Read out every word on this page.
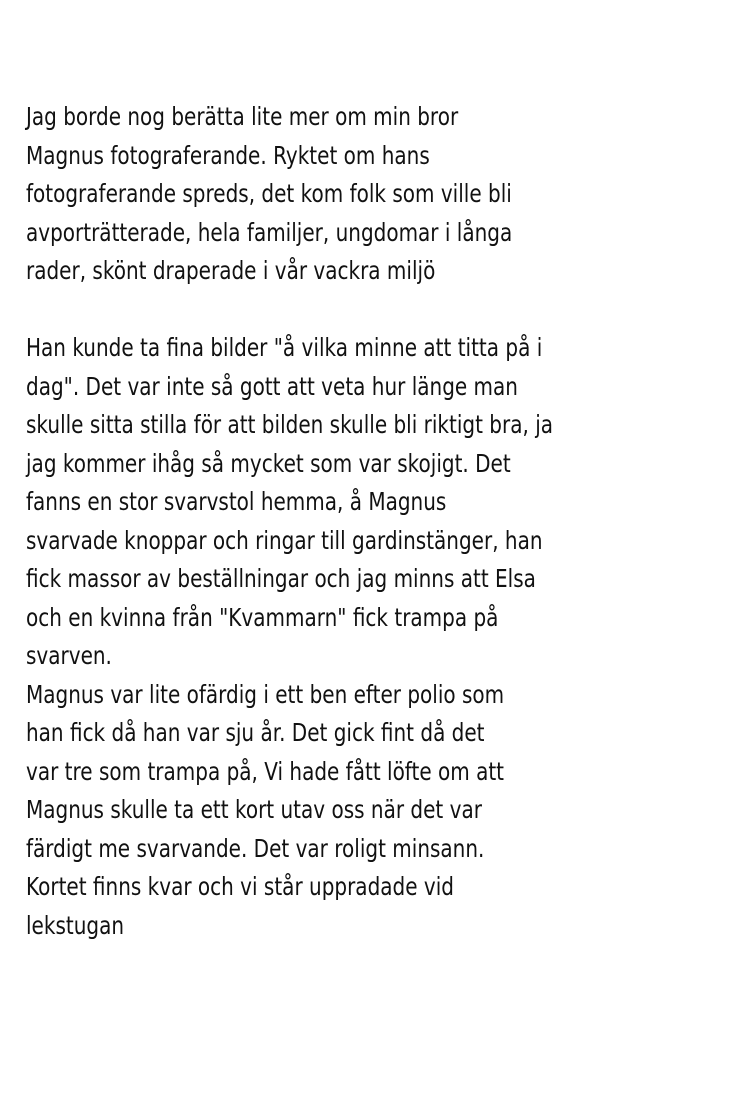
Jag borde nog berätta lite mer om min bror
Magnus fotograferande. Ryktet om hans
fotograferande spreds, det kom folk som ville bli
avporträtterade, hela familjer, ungdomar i långa
rader, skönt draperade i vår vackra miljö
Han kunde ta fina bilder "å vilka minne att titta på i
dag". Det var inte så gott att veta hur länge man
skulle sitta stilla för att bilden skulle bli riktigt bra, ja
jag kommer ihåg så mycket som var skojigt. Det
fanns en stor svarvstol hemma, å Magnus
svarvade knoppar och ringar till gardinstänger, han
fick massor av beställningar och jag minns att Elsa
och en kvinna från "Kvammarn" fick trampa på
svarven.
Magnus var lite ofärdig i ett ben efter polio som
han fick då han var sju år. Det gick fint då det
var tre som trampa på, Vi hade fått löfte om att
Magnus skulle ta ett kort utav oss när det var
färdigt me svarvande. Det var roligt minsann.
Kortet finns kvar och vi står uppradade vid
lekstugan
